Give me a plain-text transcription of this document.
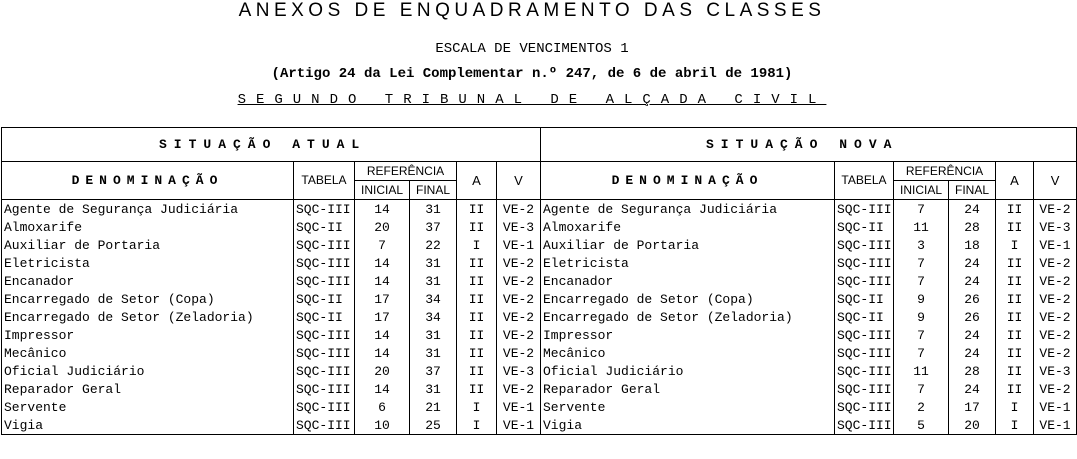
ANEXOS DE ENQUADRAMENTO DAS CLASSES
ESCALA DE VENCIMENTOS 1
(Artigo 24 da Lei Complementar n.º 247, de 6 de abril de 1981)
SEGUNDO TRIBUNAL DE ALÇADA CIVIL
SITUAÇÃO ATUAL						SITUAÇÃO NOVA					
DENOMINAÇÃO	TABELA	REFERÊNCIA		A	V	DENOMINAÇÃO	TABELA	REFERÊNCIA		A	V
		INICIAL	FINAL					INICIAL	FINAL		
Agente de Segurança Judiciária	SQC-III	14	31	II	VE-2	Agente de Segurança Judiciária	SQC-III	7	24	II	VE-2
Almoxarife	SQC-II	20	37	II	VE-3	Almoxarife	SQC-II	11	28	II	VE-3
Auxiliar de Portaria	SQC-III	7	22	I	VE-1	Auxiliar de Portaria	SQC-III	3	18	I	VE-1
Eletricista	SQC-III	14	31	II	VE-2	Eletricista	SQC-III	7	24	II	VE-2
Encanador	SQC-III	14	31	II	VE-2	Encanador	SQC-III	7	24	II	VE-2
Encarregado de Setor (Copa)	SQC-II	17	34	II	VE-2	Encarregado de Setor (Copa)	SQC-II	9	26	II	VE-2
Encarregado de Setor (Zeladoria)	SQC-II	17	34	II	VE-2	Encarregado de Setor (Zeladoria)	SQC-II	9	26	II	VE-2
Impressor	SQC-III	14	31	II	VE-2	Impressor	SQC-III	7	24	II	VE-2
Mecânico	SQC-III	14	31	II	VE-2	Mecânico	SQC-III	7	24	II	VE-2
Oficial Judiciário	SQC-III	20	37	II	VE-3	Oficial Judiciário	SQC-III	11	28	II	VE-3
Reparador Geral	SQC-III	14	31	II	VE-2	Reparador Geral	SQC-III	7	24	II	VE-2
Servente	SQC-III	6	21	I	VE-1	Servente	SQC-III	2	17	I	VE-1
Vigia	SQC-III	10	25	I	VE-1	Vigia	SQC-III	5	20	I	VE-1
